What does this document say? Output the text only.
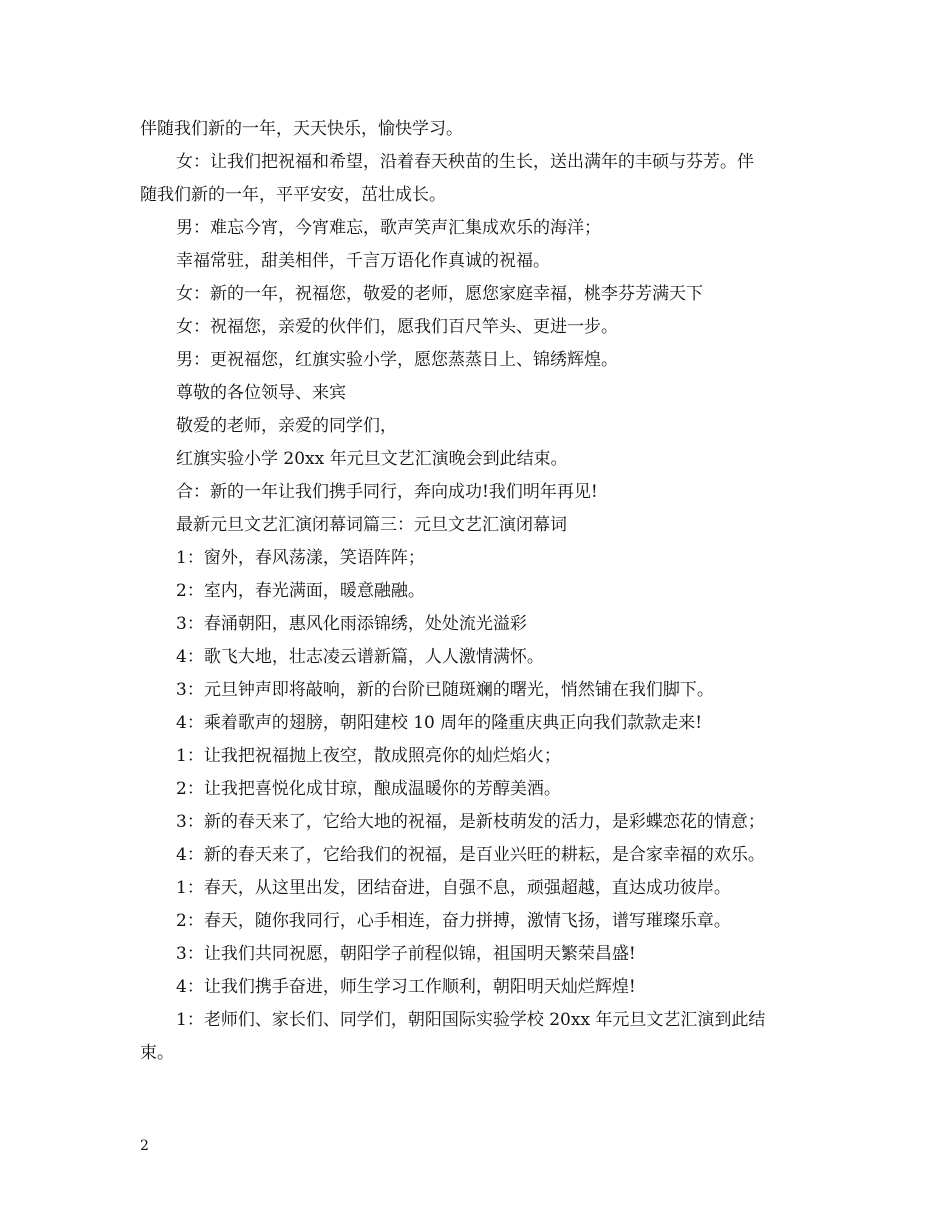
伴随我们新的一年，天天快乐，愉快学习。
女：让我们把祝福和希望，沿着春天秧苗的生长，送出满年的丰硕与芬芳。伴
随我们新的一年，平平安安，茁壮成长。
男：难忘今宵，今宵难忘，歌声笑声汇集成欢乐的海洋；
幸福常驻，甜美相伴，千言万语化作真诚的祝福。
女：新的一年，祝福您，敬爱的老师，愿您家庭幸福，桃李芬芳满天下
女：祝福您，亲爱的伙伴们，愿我们百尺竿头、更进一步。
男：更祝福您，红旗实验小学，愿您蒸蒸日上、锦绣辉煌。
尊敬的各位领导、来宾
敬爱的老师，亲爱的同学们，
红旗实验小学 20xx 年元旦文艺汇演晚会到此结束。
合：新的一年让我们携手同行，奔向成功!我们明年再见!
最新元旦文艺汇演闭幕词篇三：元旦文艺汇演闭幕词
1：窗外，春风荡漾，笑语阵阵；
2：室内，春光满面，暖意融融。
3：春涌朝阳，惠风化雨添锦绣，处处流光溢彩
4：歌飞大地，壮志凌云谱新篇，人人激情满怀。
3：元旦钟声即将敲响，新的台阶已随斑斓的曙光，悄然铺在我们脚下。
4：乘着歌声的翅膀，朝阳建校 10 周年的隆重庆典正向我们款款走来!
1：让我把祝福抛上夜空，散成照亮你的灿烂焰火；
2：让我把喜悦化成甘琼，酿成温暖你的芳醇美酒。
3：新的春天来了，它给大地的祝福，是新枝萌发的活力，是彩蝶恋花的情意；
4：新的春天来了，它给我们的祝福，是百业兴旺的耕耘，是合家幸福的欢乐。
1：春天，从这里出发，团结奋进，自强不息，顽强超越，直达成功彼岸。
2：春天，随你我同行，心手相连，奋力拼搏，激情飞扬，谱写璀璨乐章。
3：让我们共同祝愿，朝阳学子前程似锦，祖国明天繁荣昌盛!
4：让我们携手奋进，师生学习工作顺利，朝阳明天灿烂辉煌!
1：老师们、家长们、同学们，朝阳国际实验学校 20xx 年元旦文艺汇演到此结
束。
2
